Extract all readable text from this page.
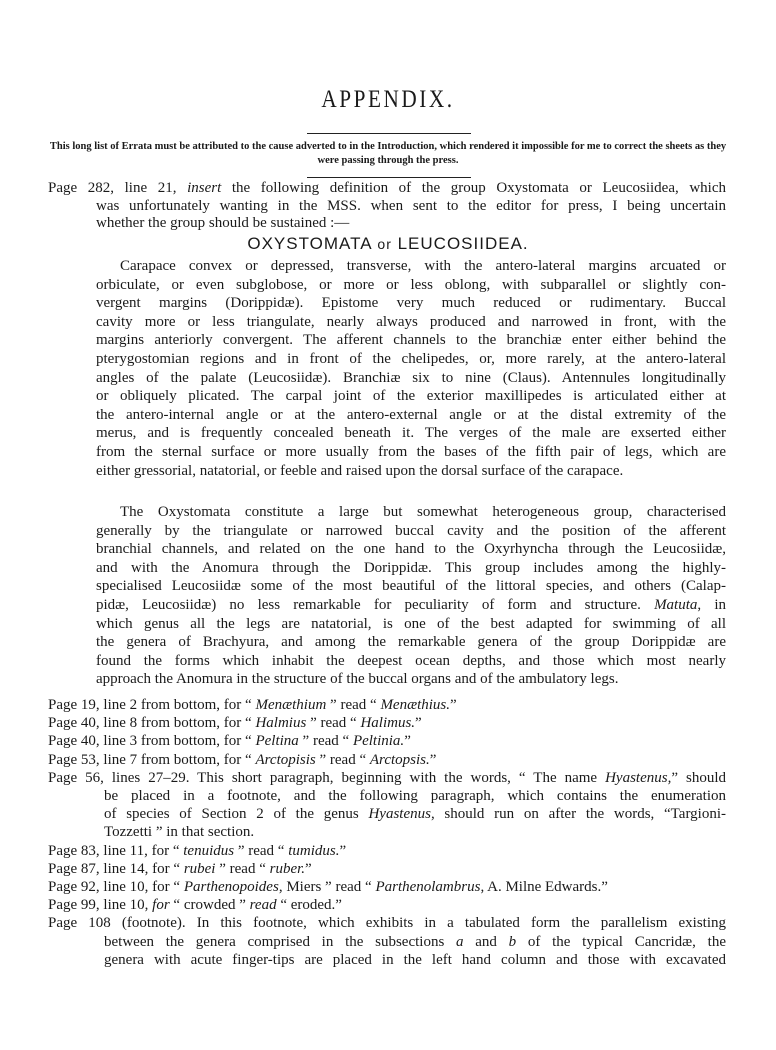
APPENDIX.
This long list of Errata must be attributed to the cause adverted to in the Introduction, which rendered it impossible for me to correct the sheets as they were passing through the press.
Page 282, line 21, insert the following definition of the group Oxystomata or Leucosiidea, which
was unfortunately wanting in the MSS. when sent to the editor for press, I being uncertain
whether the group should be sustained :—
OXYSTOMATA or LEUCOSIIDEA.
Carapace convex or depressed, transverse, with the antero-lateral margins arcuated or
orbiculate, or even subglobose, or more or less oblong, with subparallel or slightly con-
vergent margins (Dorippidæ). Epistome very much reduced or rudimentary. Buccal
cavity more or less triangulate, nearly always produced and narrowed in front, with the
margins anteriorly convergent. The afferent channels to the branchiæ enter either behind the
pterygostomian regions and in front of the chelipedes, or, more rarely, at the antero-lateral
angles of the palate (Leucosiidæ). Branchiæ six to nine (Claus). Antennules longitudinally
or obliquely plicated. The carpal joint of the exterior maxillipedes is articulated either at
the antero-internal angle or at the antero-external angle or at the distal extremity of the
merus, and is frequently concealed beneath it. The verges of the male are exserted either
from the sternal surface or more usually from the bases of the fifth pair of legs, which are
either gressorial, natatorial, or feeble and raised upon the dorsal surface of the carapace.
The Oxystomata constitute a large but somewhat heterogeneous group, characterised
generally by the triangulate or narrowed buccal cavity and the position of the afferent
branchial channels, and related on the one hand to the Oxyrhyncha through the Leucosiidæ,
and with the Anomura through the Dorippidæ. This group includes among the highly-
specialised Leucosiidæ some of the most beautiful of the littoral species, and others (Calap-
pidæ, Leucosiidæ) no less remarkable for peculiarity of form and structure. Matuta, in
which genus all the legs are natatorial, is one of the best adapted for swimming of all
the genera of Brachyura, and among the remarkable genera of the group Dorippidæ are
found the forms which inhabit the deepest ocean depths, and those which most nearly
approach the Anomura in the structure of the buccal organs and of the ambulatory legs.
Page 19, line 2 from bottom, for “ Menæthium ” read “ Menæthius.”
Page 40, line 8 from bottom, for “ Halmius ” read “ Halimus.”
Page 40, line 3 from bottom, for “ Peltina ” read “ Peltinia.”
Page 53, line 7 from bottom, for “ Arctopisis ” read “ Arctopsis.”
Page 56, lines 27–29. This short paragraph, beginning with the words, “ The name Hyastenus,” should
be placed in a footnote, and the following paragraph, which contains the enumeration
of species of Section 2 of the genus Hyastenus, should run on after the words, “Targioni-
Tozzetti ” in that section.
Page 83, line 11, for “ tenuidus ” read “ tumidus.”
Page 87, line 14, for “ rubei ” read “ ruber.”
Page 92, line 10, for “ Parthenopoides, Miers ” read “ Parthenolambrus, A. Milne Edwards.”
Page 99, line 10, for “ crowded ” read “ eroded.”
Page 108 (footnote). In this footnote, which exhibits in a tabulated form the parallelism existing
between the genera comprised in the subsections a and b of the typical Cancridæ, the
genera with acute finger-tips are placed in the left hand column and those with excavated
